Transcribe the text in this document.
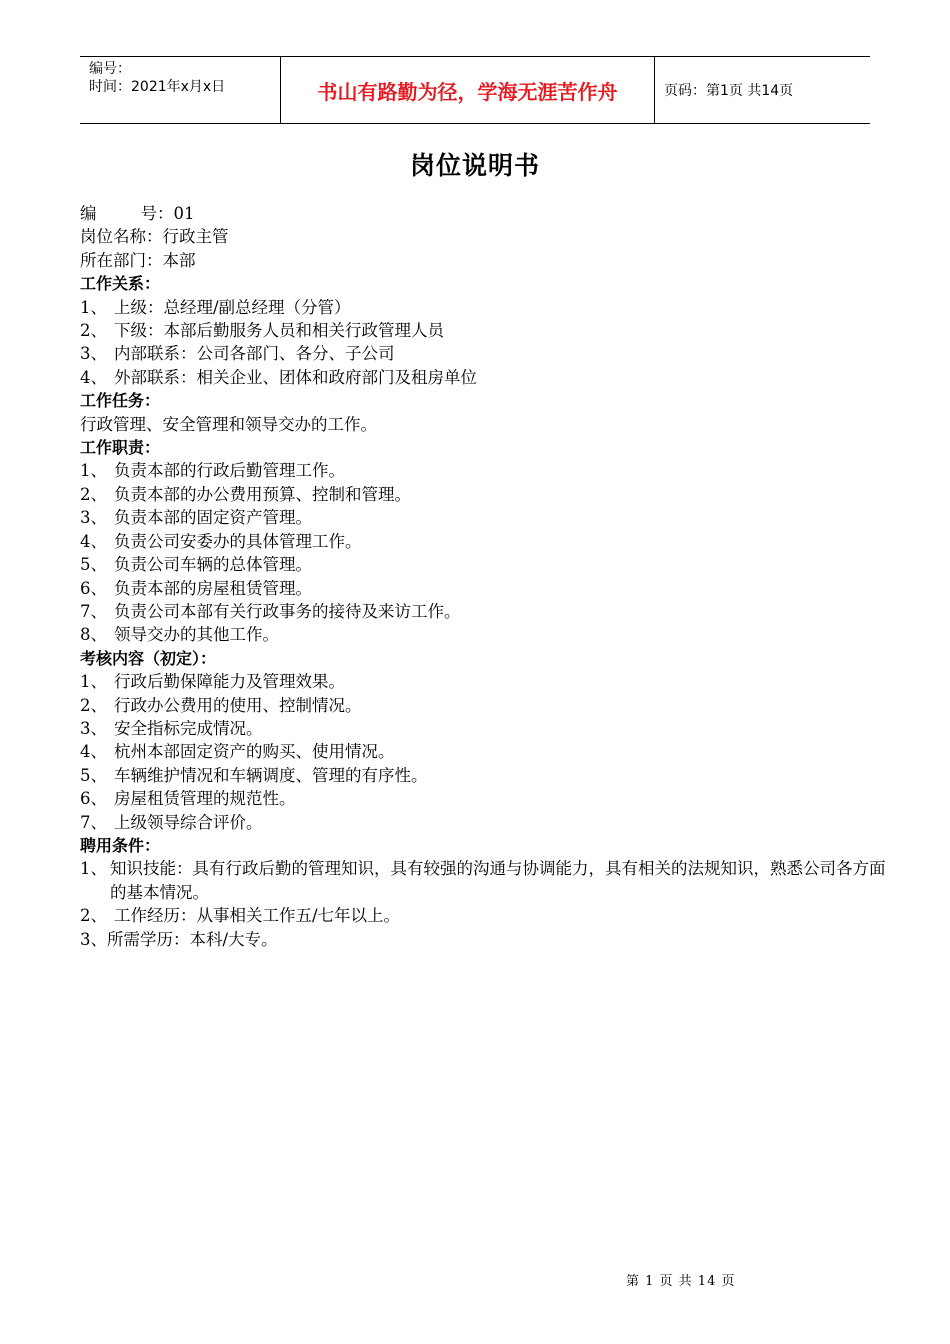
编号：
时间：2021年x月x日	书山有路勤为径，学海无涯苦作舟	页码：第1页 共14页
岗位说明书
编	号：01
岗位名称：行政主管
所在部门：本部
工作关系：
1、 上级：总经理/副总经理（分管）
2、 下级：本部后勤服务人员和相关行政管理人员
3、 内部联系：公司各部门、各分、子公司
4、 外部联系：相关企业、团体和政府部门及租房单位
工作任务：
行政管理、安全管理和领导交办的工作。
工作职责：
1、 负责本部的行政后勤管理工作。
2、 负责本部的办公费用预算、控制和管理。
3、 负责本部的固定资产管理。
4、 负责公司安委办的具体管理工作。
5、 负责公司车辆的总体管理。
6、 负责本部的房屋租赁管理。
7、 负责公司本部有关行政事务的接待及来访工作。
8、 领导交办的其他工作。
考核内容（初定）：
1、 行政后勤保障能力及管理效果。
2、 行政办公费用的使用、控制情况。
3、 安全指标完成情况。
4、 杭州本部固定资产的购买、使用情况。
5、 车辆维护情况和车辆调度、管理的有序性。
6、 房屋租赁管理的规范性。
7、 上级领导综合评价。
聘用条件：
1、 知识技能：具有行政后勤的管理知识，具有较强的沟通与协调能力，具有相关的法规知识，熟悉公司各方面的基本情况。
2、 工作经历：从事相关工作五/七年以上。
3、所需学历：本科/大专。
第 1 页 共 14 页
